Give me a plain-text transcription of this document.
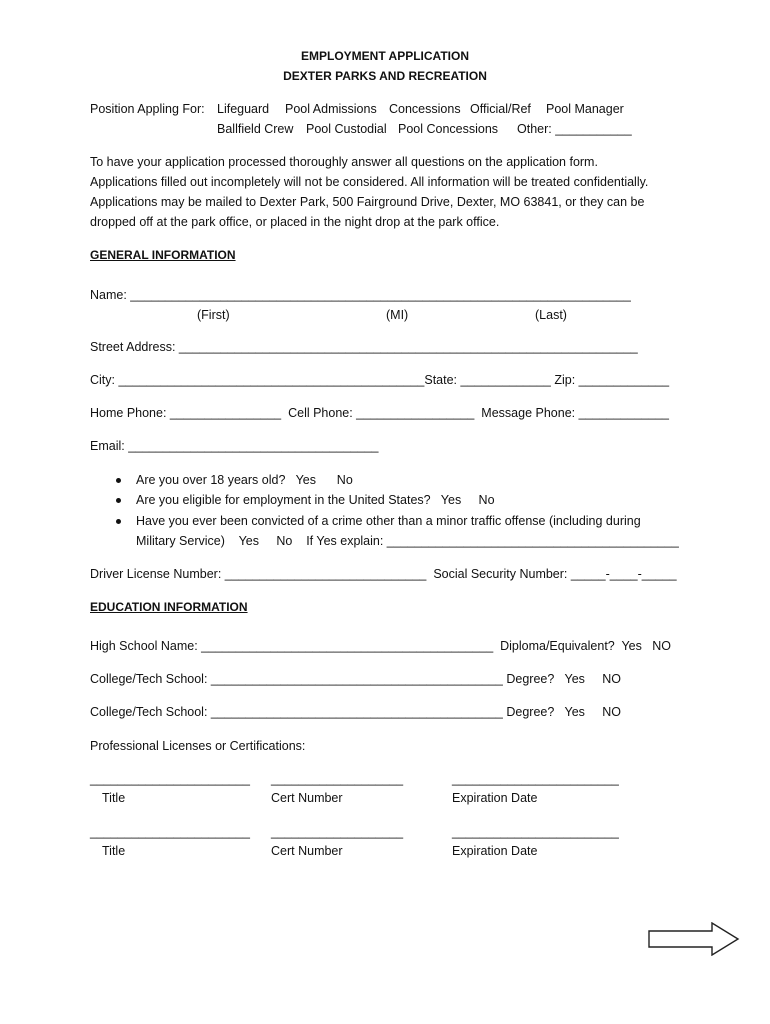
EMPLOYMENT APPLICATION
DEXTER PARKS AND RECREATION
Position Appling For: Lifeguard Pool Admissions Concessions Official/Ref Pool Manager
Ballfield Crew Pool Custodial Pool Concessions Other: ___________
To have your application processed thoroughly answer all questions on the application form.
Applications filled out incompletely will not be considered. All information will be treated confidentially.
Applications may be mailed to Dexter Park, 500 Fairground Drive, Dexter, MO 63841, or they can be
dropped off at the park office, or placed in the night drop at the park office.
GENERAL INFORMATION
Name: ________________________________________________________________________
(First)	(MI)	(Last)
Street Address: __________________________________________________________________
City: ____________________________________________State: _____________ Zip: _____________
Home Phone: ________________  Cell Phone: _________________  Message Phone: _____________
Email: ____________________________________
Are you over 18 years old?   Yes      No
Are you eligible for employment in the United States?   Yes     No
Have you ever been convicted of a crime other than a minor traffic offense (including during
Military Service)    Yes     No    If Yes explain: __________________________________________
Driver License Number: _____________________________  Social Security Number: _____-____-_____
EDUCATION INFORMATION
High School Name: __________________________________________  Diploma/Equivalent?  Yes   NO
College/Tech School: __________________________________________ Degree?   Yes     NO
College/Tech School: __________________________________________ Degree?   Yes     NO
Professional Licenses or Certifications:
_______________________ ___________________	________________________
Title	Cert Number	Expiration Date
_______________________ ___________________	________________________
Title	Cert Number	Expiration Date
